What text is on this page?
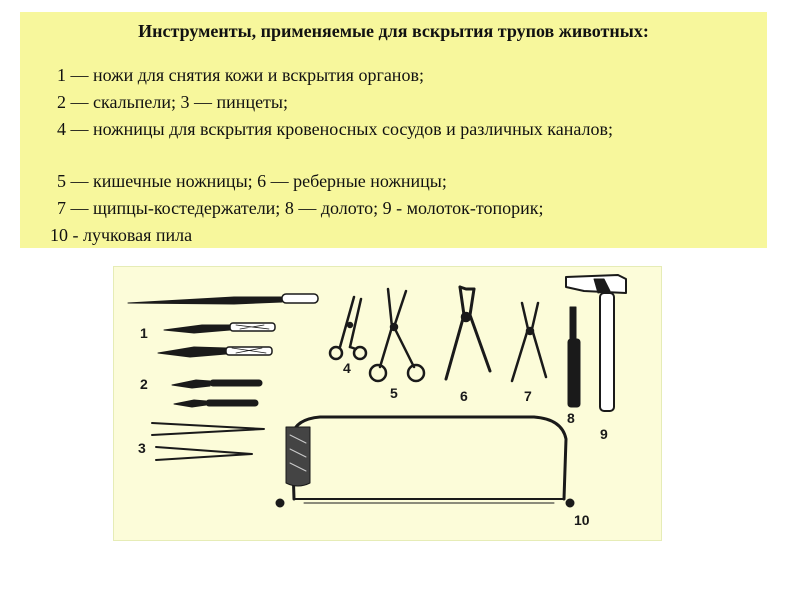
Инструменты, применяемые для вскрытия трупов животных:
1 — ножи для снятия кожи и вскрытия органов;
2 — скальпели; 3 — пинцеты;
4 — ножницы для вскрытия кровеносных сосудов и различных каналов;
5 — кишечные ножницы; 6 — реберные ножницы;
7 — щипцы-костедержатели; 8 — долото; 9 - молоток-топорик;
10 - лучковая пила
1
2
3
4
5	6	7
8
9
10
